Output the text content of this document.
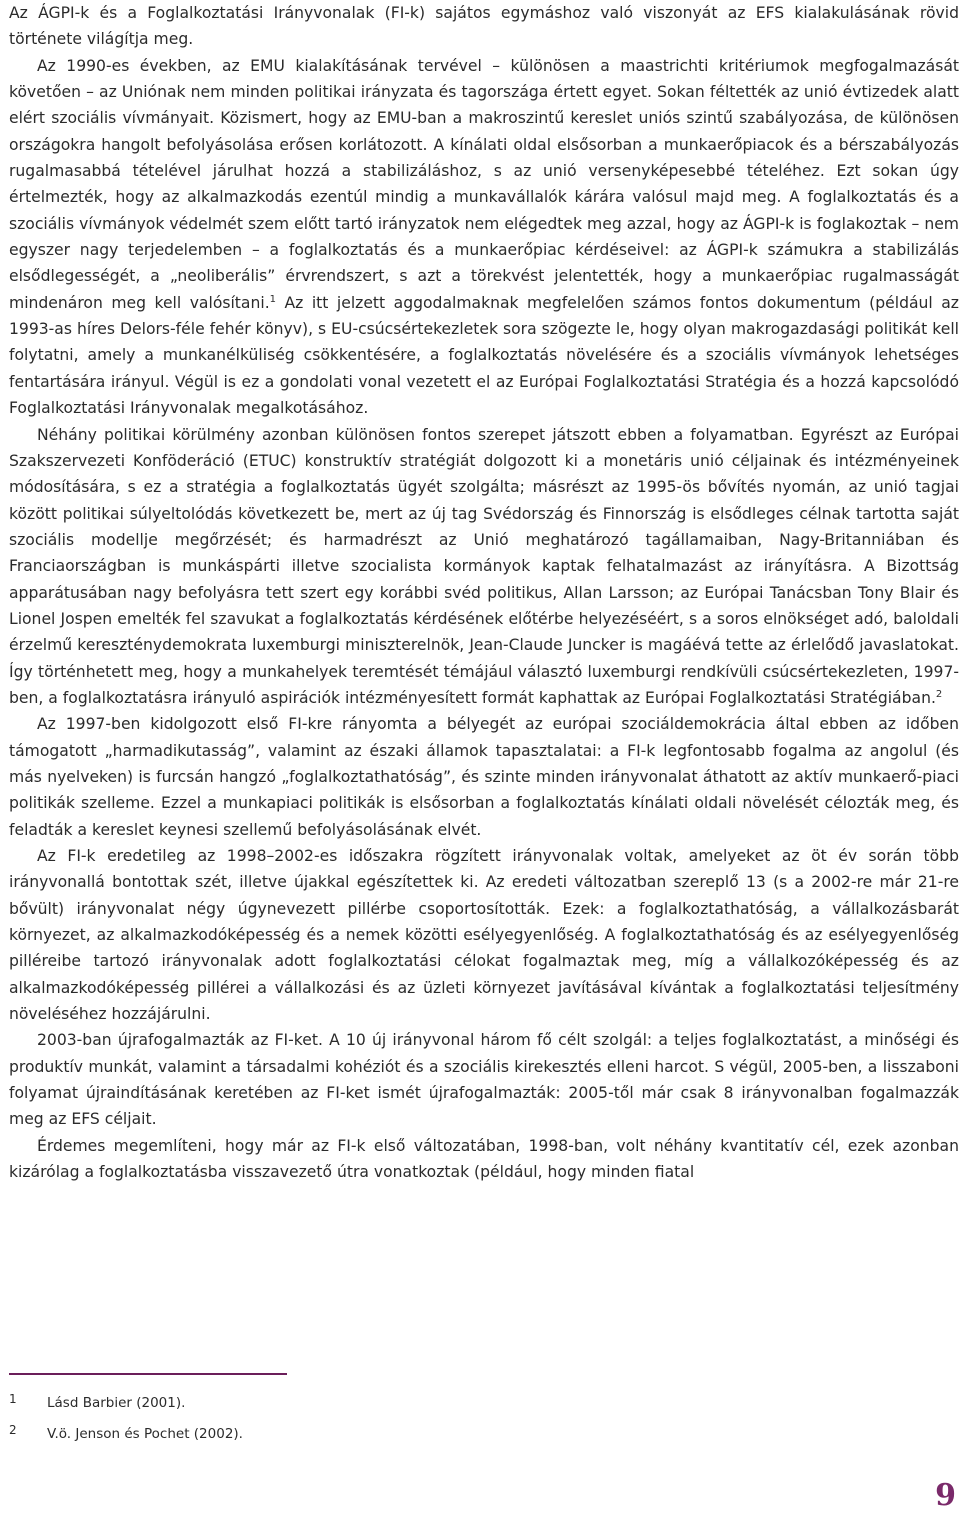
Az ÁGPI-k és a Foglalkoztatási Irányvonalak (FI-k) sajátos egymáshoz való viszonyát az EFS kialakulásának rövid története világítja meg.

Az 1990-es években, az EMU kialakításának tervével – különösen a maastrichti kritériumok megfogalmazását követően – az Uniónak nem minden politikai irányzata és tagországa értett egyet. Sokan féltették az unió évtizedek alatt elért szociális vívmányait. Közismert, hogy az EMU-ban a makroszintű kereslet uniós szintű szabályozása, de különösen országokra hangolt befolyásolása erősen korlátozott. A kínálati oldal elsősorban a munkaerőpiacok és a bérszabályozás rugalmasabbá tételével járulhat hozzá a stabilizáláshoz, s az unió versenyképesebbé tételéhez. Ezt sokan úgy értelmezték, hogy az alkalmazkodás ezentúl mindig a munkavállalók kárára valósul majd meg. A foglalkoztatás és a szociális vívmányok védelmét szem előtt tartó irányzatok nem elégedtek meg azzal, hogy az ÁGPI-k is foglakoztak – nem egyszer nagy terjedelemben – a foglalkoztatás és a munkaerőpiac kérdéseivel: az ÁGPI-k számukra a stabilizálás elsődlegességét, a „neoliberális” érvrendszert, s azt a törekvést jelentették, hogy a munkaerőpiac rugalmasságát mindenáron meg kell valósítani.$^1$ Az itt jelzett aggodalmaknak megfelelően számos fontos dokumentum (például az 1993-as híres Delors-féle fehér könyv), s EU-csúcsértekezletek sora szögezte le, hogy olyan makrogazdasági politikát kell folytatni, amely a munkanélküliség csökkentésére, a foglalkoztatás növelésére és a szociális vívmányok lehetséges fentartására irányul. Végül is ez a gondolati vonal vezetett el az Európai Foglalkoztatási Stratégia és a hozzá kapcsolódó Foglalkoztatási Irányvonalak megalkotásához.

Néhány politikai körülmény azonban különösen fontos szerepet játszott ebben a folyamatban. Egyrészt az Európai Szakszervezeti Konföderáció (ETUC) konstruktív stratégiát dolgozott ki a monetáris unió céljainak és intézményeinek módosítására, s ez a stratégia a foglalkoztatás ügyét szolgálta; másrészt az 1995-ös bővítés nyomán, az unió tagjai között politikai súlyeltolódás következett be, mert az új tag Svédország és Finnország is elsődleges célnak tartotta saját szociális modellje megőrzését; és harmadrészt az Unió meghatározó tagállamaiban, Nagy-Britanniában és Franciaországban is munkáspárti illetve szocialista kormányok kaptak felhatalmazást az irányításra. A Bizottság apparátusában nagy befolyásra tett szert egy korábbi svéd politikus, Allan Larsson; az Európai Tanácsban Tony Blair és Lionel Jospen emelték fel szavukat a foglalkoztatás kérdésének előtérbe helyezéséért, s a soros elnökséget adó, baloldali érzelmű kereszténydemokrata luxemburgi miniszterelnök, Jean-Claude Juncker is magáévá tette az érlelődő javaslatokat. Így történhetett meg, hogy a munkahelyek teremtését témájául választó luxemburgi rendkívüli csúcsértekezleten, 1997-ben, a foglalkoztatásra irányuló aspirációk intézményesített formát kaphattak az Európai Foglalkoztatási Stratégiában.$^2$

Az 1997-ben kidolgozott első FI-kre rányomta a bélyegét az európai szociáldemokrácia által ebben az időben támogatott „harmadikutasság”, valamint az északi államok tapasztalatai: a FI-k legfontosabb fogalma az angolul (és más nyelveken) is furcsán hangzó „foglalkoztathatóság”, és szinte minden irányvonalat áthatott az aktív munkaerő-piaci politikák szelleme. Ezzel a munkapiaci politikák is elsősorban a foglalkoztatás kínálati oldali növelését célozták meg, és feladták a kereslet keynesi szellemű befolyásolásának elvét.

Az FI-k eredetileg az 1998–2002-es időszakra rögzített irányvonalak voltak, amelyeket az öt év során több irányvonallá bontottak szét, illetve újakkal egészítettek ki. Az eredeti változatban szereplő 13 (s a 2002-re már 21-re bővült) irányvonalat négy úgynevezett pillérbe csoportosították. Ezek: a foglalkoztathatóság, a vállalkozásbarát környezet, az alkalmazkodóképesség és a nemek közötti esélyegyenlőség. A foglalkoztathatóság és az esélyegyenlőség pilléreibe tartozó irányvonalak adott foglalkoztatási célokat fogalmaztak meg, míg a vállalkozóképesség és az alkalmazkodóképesség pillérei a vállalkozási és az üzleti környezet javításával kívántak a foglalkoztatási teljesítmény növeléséhez hozzájárulni.

2003-ban újrafogalmazták az FI-ket. A 10 új irányvonal három fő célt szolgál: a teljes foglalkoztatást, a minőségi és produktív munkát, valamint a társadalmi kohéziót és a szociális kirekesztés elleni harcot. S végül, 2005-ben, a lisszaboni folyamat újraindításának keretében az FI-ket ismét újrafogalmazták: 2005-től már csak 8 irányvonalban fogalmazzák meg az EFS céljait.

Érdemes megemlíteni, hogy már az FI-k első változatában, 1998-ban, volt néhány kvantitatív cél, ezek azonban kizárólag a foglalkoztatásba visszavezető útra vonatkoztak (például, hogy minden fiatal

1 Lásd Barbier (2001).
2 V.ö. Jenson és Pochet (2002).
9
